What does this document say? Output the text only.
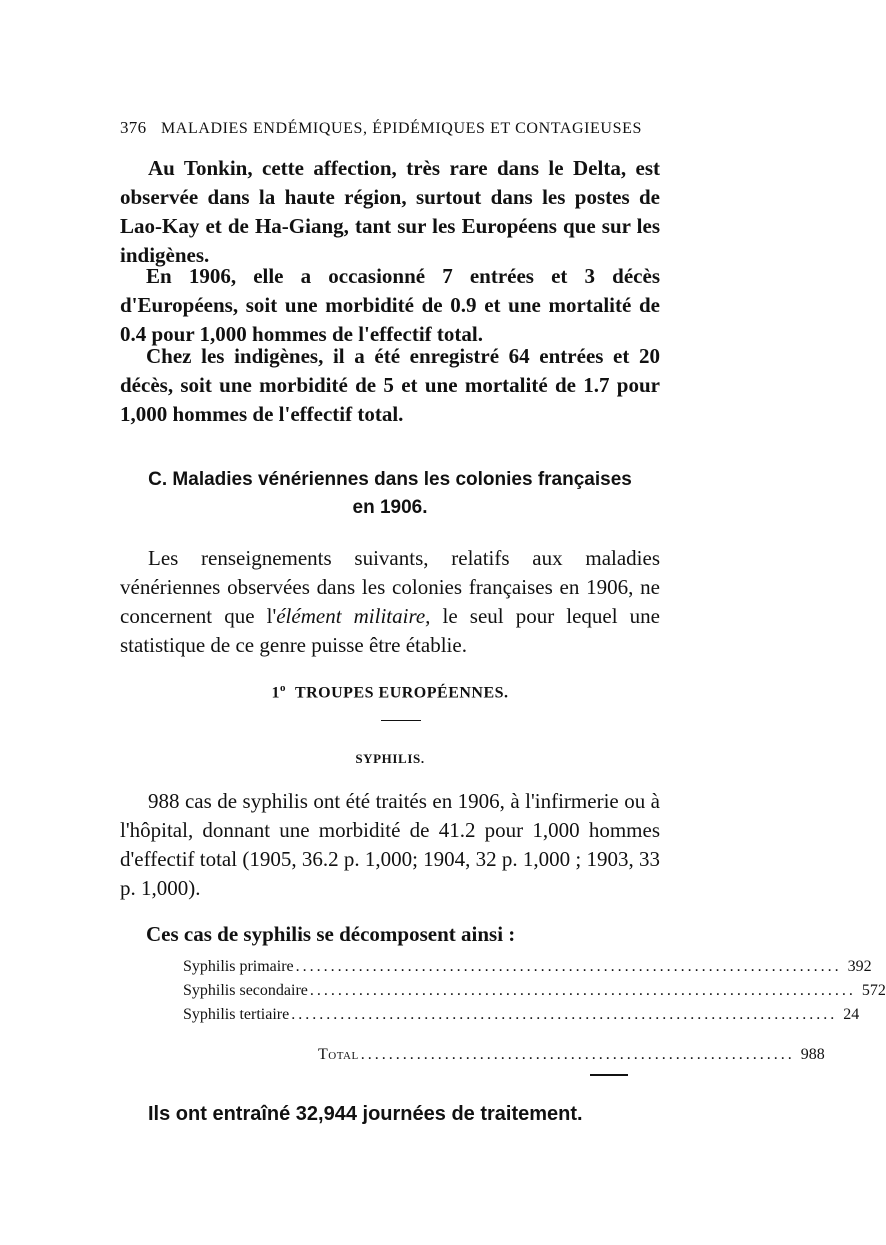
376 MALADIES ENDÉMIQUES, ÉPIDÉMIQUES ET CONTAGIEUSES

Au Tonkin, cette affection, très rare dans le Delta, est observée dans la haute région, surtout dans les postes de Lao-Kay et de Ha-Giang, tant sur les Européens que sur les indigènes.

En 1906, elle a occasionné 7 entrées et 3 décès d'Européens, soit une morbidité de 0.9 et une mortalité de 0.4 pour 1,000 hommes de l'effectif total.

Chez les indigènes, il a été enregistré 64 entrées et 20 décès, soit une morbidité de 5 et une mortalité de 1.7 pour 1,000 hommes de l'effectif total.

C. Maladies vénériennes dans les colonies françaises
en 1906.

Les renseignements suivants, relatifs aux maladies vénériennes observées dans les colonies françaises en 1906, ne concernent que l'élément militaire, le seul pour lequel une statistique de ce genre puisse être établie.

1$^o$ TROUPES EUROPÉENNES.
SYPHILIS.

988 cas de syphilis ont été traités en 1906, à l'infirmerie ou à l'hôpital, donnant une morbidité de 41.2 pour 1,000 hommes d'effectif total (1905, 36.2 p. 1,000; 1904, 32 p. 1,000 ; 1903, 33 p. 1,000).

Ces cas de syphilis se décomposent ainsi :

Syphilis primaire .............................................................................. 392
Syphilis secondaire .............................................................................. 572
Syphilis tertiaire .............................................................................. 24
Total .............................................................. 988
Ils ont entraîné 32,944 journées de traitement.
